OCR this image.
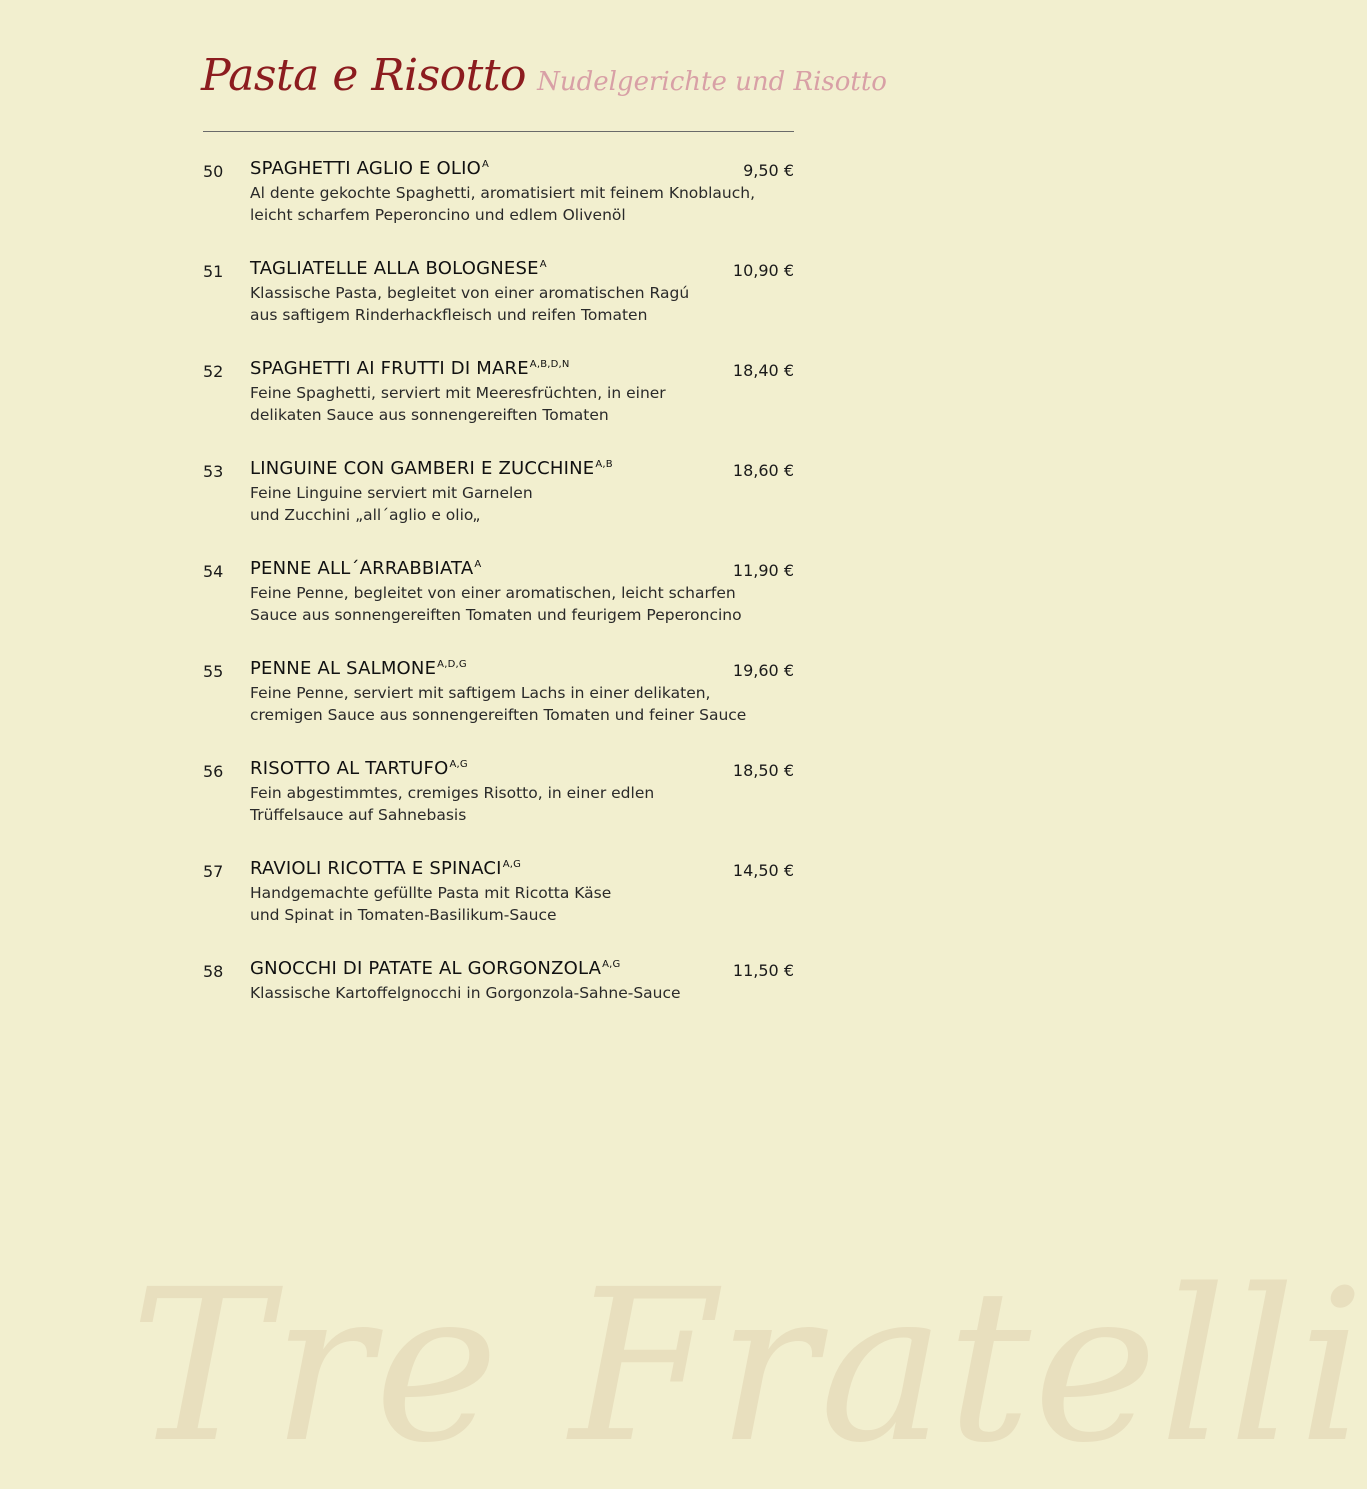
Tre Fratelli
Pasta e Risotto Nudelgerichte und Risotto
50 SPAGHETTI AGLIO E $OLIO^A$	9,50 €
Al dente gekochte Spaghetti, aromatisiert mit feinem Knoblauch,
leicht scharfem Peperoncino und edlem Olivenöl
51 TAGLIATELLE ALLA $BOLOGNESE^A$	10,90 €
Klassische Pasta, begleitet von einer aromatischen Ragú
aus saftigem Rinderhackfleisch und reifen Tomaten
52 SPAGHETTI AI FRUTTI DI $MARE^{A,B,D,N}$	18,40 €
Feine Spaghetti, serviert mit Meeresfrüchten, in einer
delikaten Sauce aus sonnengereiften Tomaten
53 LINGUINE CON GAMBERI E $ZUCCHINE^{A,B}$	18,60 €
Feine Linguine serviert mit Garnelen
und Zucchini „all´aglio e olio„
54 PENNE $ALL´ARRABBIATA^A$	11,90 €
Feine Penne, begleitet von einer aromatischen, leicht scharfen
Sauce aus sonnengereiften Tomaten und feurigem Peperoncino
55 PENNE AL $SALMONE^{A,D,G}$	19,60 €
Feine Penne, serviert mit saftigem Lachs in einer delikaten,
cremigen Sauce aus sonnengereiften Tomaten und feiner Sauce
56 RISOTTO AL $TARTUFO^{A,G}$	18,50 €
Fein abgestimmtes, cremiges Risotto, in einer edlen
Trüffelsauce auf Sahnebasis
57 RAVIOLI RICOTTA E $SPINACI^{A,G}$	14,50 €
Handgemachte gefüllte Pasta mit Ricotta Käse
und Spinat in Tomaten-Basilikum-Sauce
58 GNOCCHI DI PATATE AL $GORGONZOLA^{A,G}$	11,50 €
Klassische Kartoffelgnocchi in Gorgonzola-Sahne-Sauce
